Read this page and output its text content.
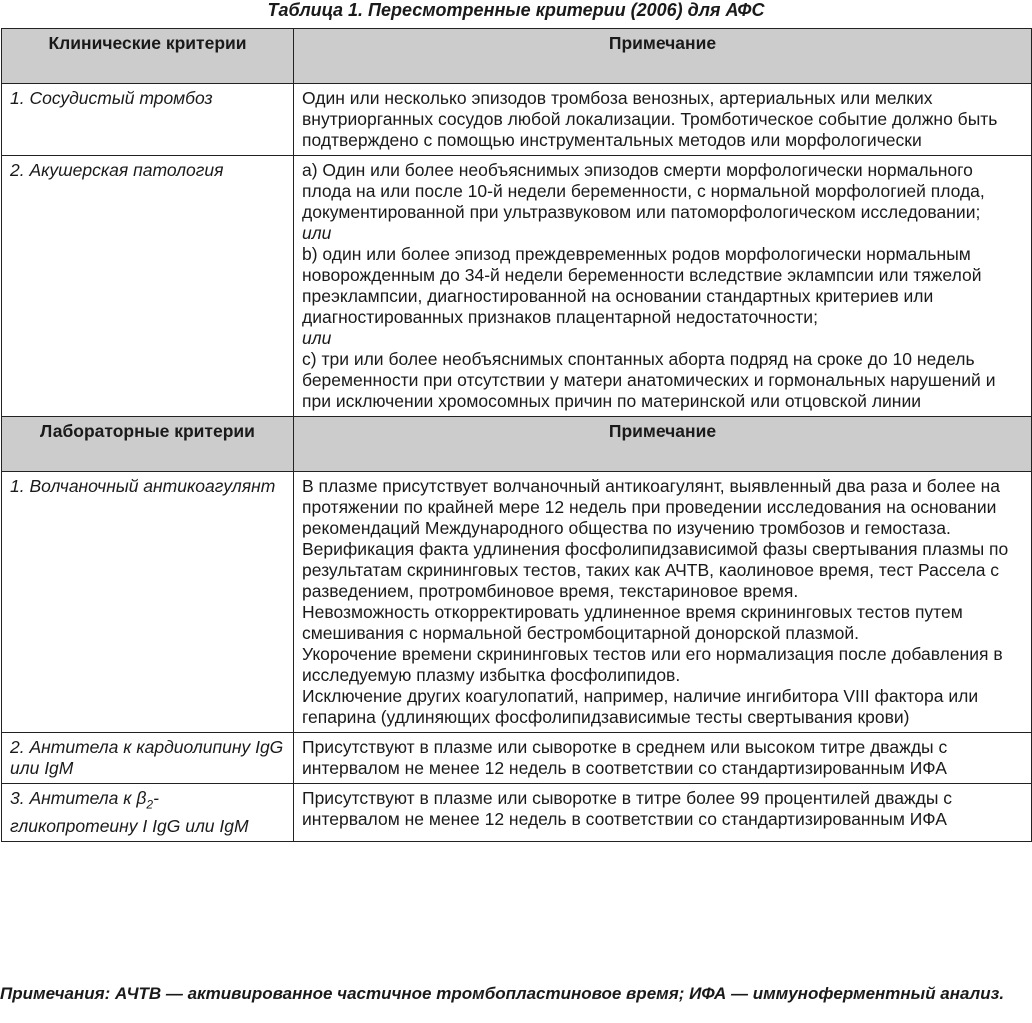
Таблица 1. Пересмотренные критерии (2006) для АФС
Клинические критерии	Примечание
1. Сосудистый тромбоз	Один или несколько эпизодов тромбоза венозных, артериальных или мелких внутриорганных сосудов любой локализации. Тромботическое событие должно быть подтверждено с помощью инструментальных методов или морфологически
2. Акушерская патология	a) Один или более необъяснимых эпизодов смерти морфологически нормального плода на или после 10-й недели беременности, с нормальной морфологией плода, документированной при ультразвуковом или патоморфологическом исследовании;
или
b) один или более эпизод преждевременных родов морфологически нормальным новорожденным до 34-й недели беременности вследствие эклампсии или тяжелой преэклампсии, диагностированной на основании стандартных критериев или диагностированных признаков плацентарной недостаточности;
или
c) три или более необъяснимых спонтанных аборта подряд на сроке до 10 недель беременности при отсутствии у матери анатомических и гормональных нарушений и при исключении хромосомных причин по материнской или отцовской линии

Лабораторные критерии	Примечание
1. Волчаночный антикоагулянт	В плазме присутствует волчаночный антикоагулянт, выявленный два раза и более на протяжении по крайней мере 12 недель при проведении исследования на основании рекомендаций Международного общества по изучению тромбозов и гемостаза.
Верификация факта удлинения фосфолипидзависимой фазы свертывания плазмы по результатам скрининговых тестов, таких как АЧТВ, каолиновое время, тест Рассела с разведением, протромбиновое время, текстариновое время.
Невозможность откорректировать удлиненное время скрининговых тестов путем смешивания с нормальной бестромбоцитарной донорской плазмой.
Укорочение времени скрининговых тестов или его нормализация после добавления в исследуемую плазму избытка фосфолипидов.
Исключение других коагулопатий, например, наличие ингибитора VIII фактора или гепарина (удлиняющих фосфолипидзависимые тесты свертывания крови)

2. Антитела к кардиолипину IgG или IgM	Присутствуют в плазме или сыворотке в среднем или высоком титре дважды с интервалом не менее 12 недель в соответствии со стандартизированным ИФА
3. Антитела к $\beta_2$-гликопротеину I IgG или IgM	Присутствуют в плазме или сыворотке в титре более 99 процентилей дважды с интервалом не менее 12 недель в соответствии со стандартизированным ИФА
Примечания: АЧТВ — активированное частичное тромбопластиновое время; ИФА — иммуноферментный анализ.
